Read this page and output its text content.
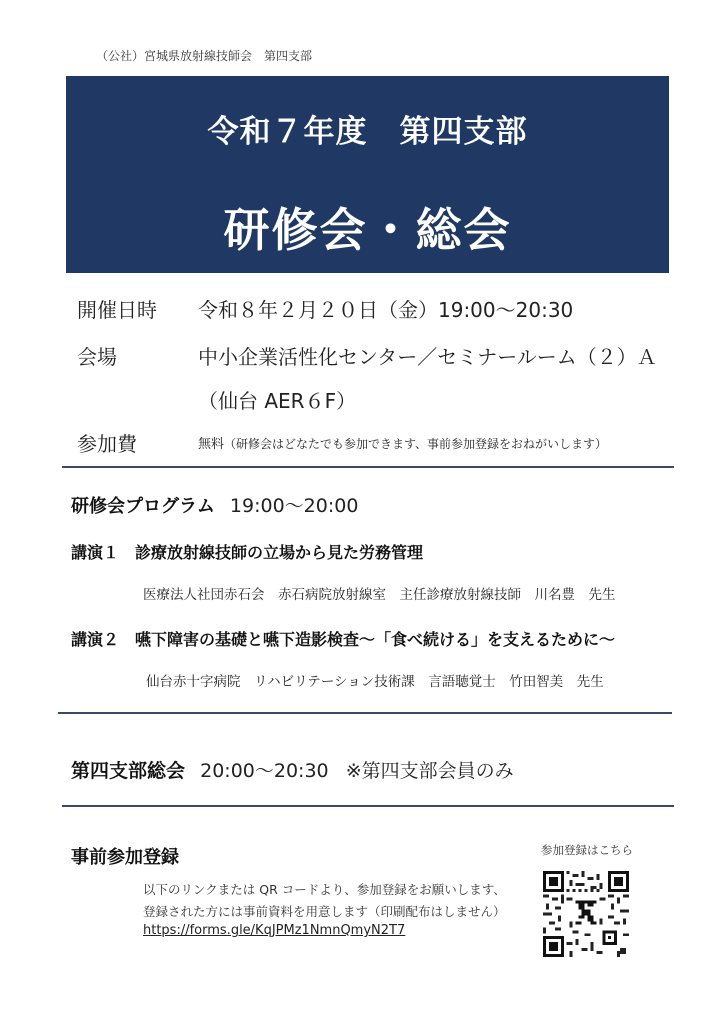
（公社）宮城県放射線技師会　第四支部
令和７年度　第四支部
研修会・総会
開催日時 令和８年２月２０日（金）19:00～20:30
会場	中小企業活性化センター／セミナールーム（２）Ａ
（仙台 AER６F）
参加費	無料（研修会はどなたでも参加できます、事前参加登録をおねがいします）
研修会プログラム 19:00～20:00
講演１　診療放射線技師の立場から見た労務管理
医療法人社団赤石会　赤石病院放射線室　主任診療放射線技師　川名豊　先生
講演２　嚥下障害の基礎と嚥下造影検査～「食べ続ける」を支えるために～
仙台赤十字病院　リハビリテーション技術課　言語聴覚士　竹田智美　先生
第四支部総会 20:00～20:30 ※第四支部会員のみ
事前参加登録
以下のリンクまたは QR コードより、参加登録をお願いします、
登録された方には事前資料を用意します（印刷配布はしません）
https://forms.gle/KqJPMz1NmnQmyN2T7
参加登録はこちら
